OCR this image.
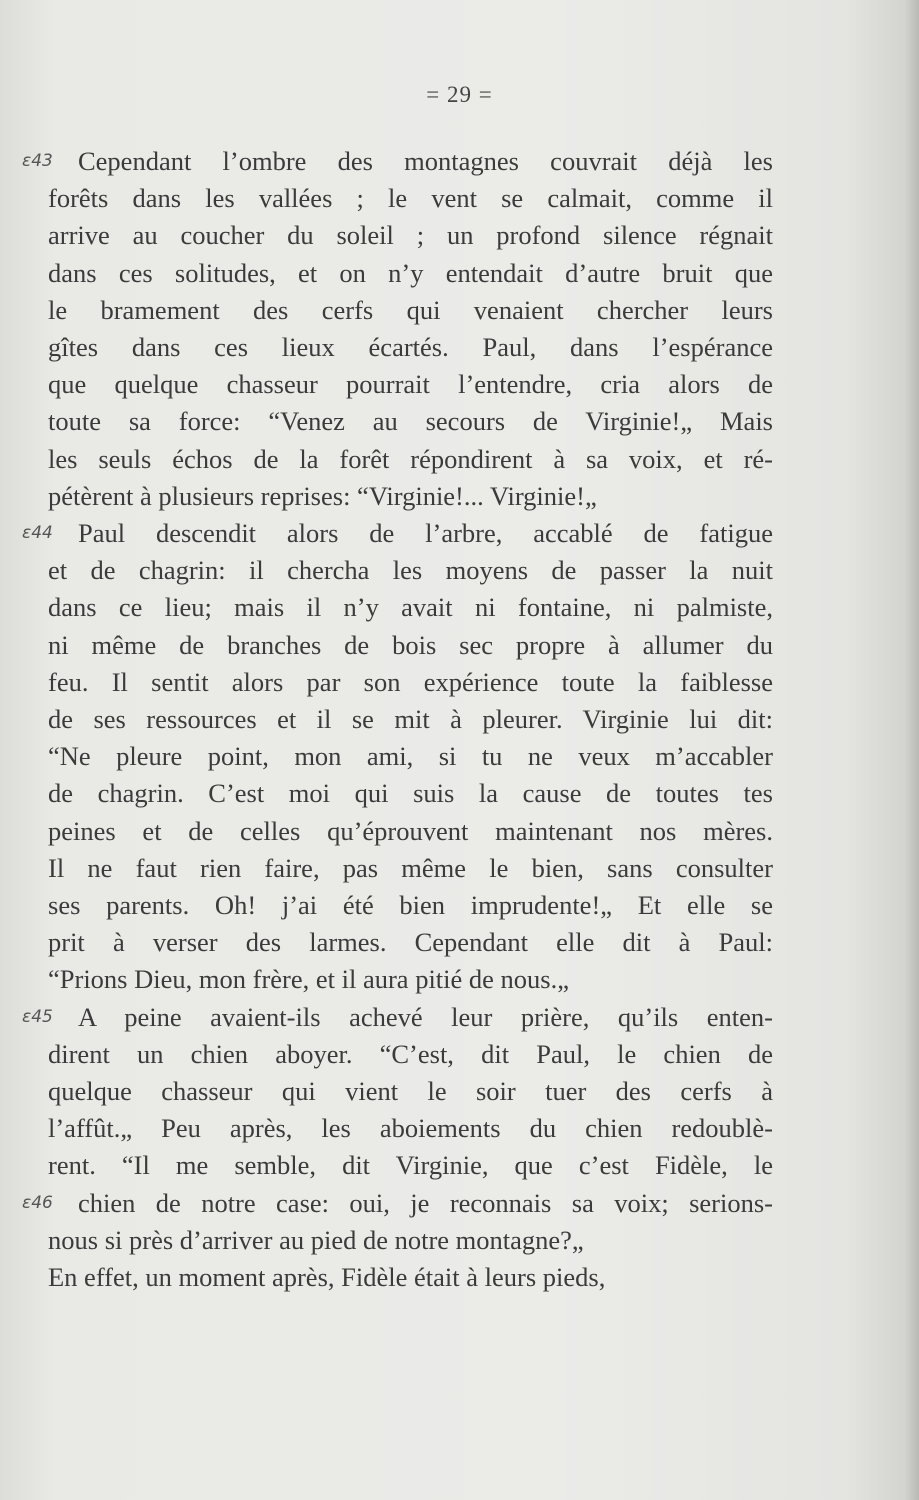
= 29 =
Cependant l’ombre des montagnes couvrait déjà les
forêts dans les vallées ; le vent se calmait, comme il
arrive au coucher du soleil ; un profond silence régnait
dans ces solitudes, et on n’y entendait d’autre bruit que
le bramement des cerfs qui venaient chercher leurs
gîtes dans ces lieux écartés. Paul, dans l’espérance
que quelque chasseur pourrait l’entendre, cria alors de
toute sa force: “Venez au secours de Virginie!„ Mais
les seuls échos de la forêt répondirent à sa voix, et ré-
pétèrent à plusieurs reprises: “Virginie!... Virginie!„
Paul descendit alors de l’arbre, accablé de fatigue
et de chagrin: il chercha les moyens de passer la nuit
dans ce lieu; mais il n’y avait ni fontaine, ni palmiste,
ni même de branches de bois sec propre à allumer du
feu. Il sentit alors par son expérience toute la faiblesse
de ses ressources et il se mit à pleurer. Virginie lui dit:
“Ne pleure point, mon ami, si tu ne veux m’accabler
de chagrin. C’est moi qui suis la cause de toutes tes
peines et de celles qu’éprouvent maintenant nos mères.
Il ne faut rien faire, pas même le bien, sans consulter
ses parents. Oh! j’ai été bien imprudente!„ Et elle se
prit à verser des larmes. Cependant elle dit à Paul:
“Prions Dieu, mon frère, et il aura pitié de nous.„
A peine avaient-ils achevé leur prière, qu’ils enten-
dirent un chien aboyer. “C’est, dit Paul, le chien de
quelque chasseur qui vient le soir tuer des cerfs à
l’affût.„ Peu après, les aboiements du chien redoublè-
rent. “Il me semble, dit Virginie, que c’est Fidèle, le
chien de notre case: oui, je reconnais sa voix; serions-
nous si près d’arriver au pied de notre montagne?„
En effet, un moment après, Fidèle était à leurs pieds,
ε43
ε44
ε45
ε46
